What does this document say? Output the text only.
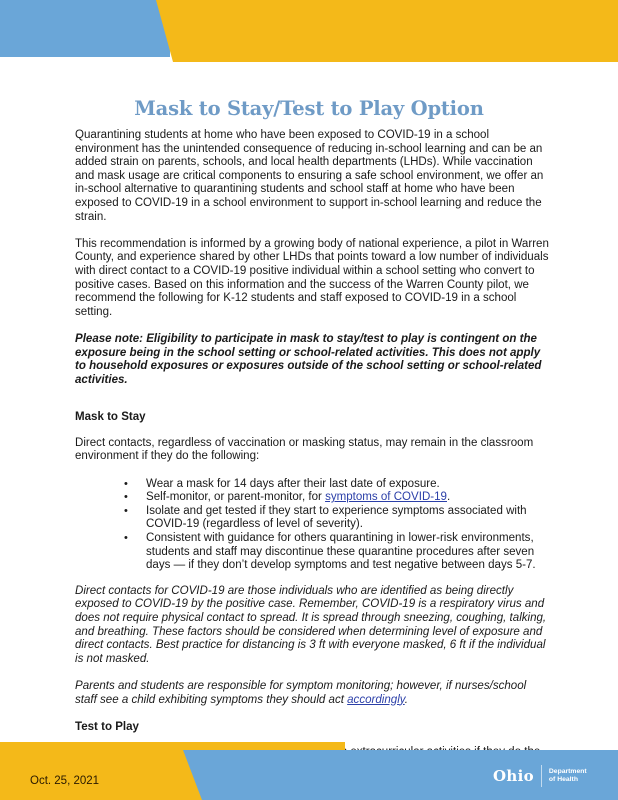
Mask to Stay/Test to Play Option

Quarantining students at home who have been exposed to COVID-19 in a school environment has the unintended consequence of reducing in-school learning and can be an added strain on parents, schools, and local health departments (LHDs). While vaccination and mask usage are critical components to ensuring a safe school environment, we offer an in-school alternative to quarantining students and school staff at home who have been exposed to COVID-19 in a school environment to support in-school learning and reduce the strain.

This recommendation is informed by a growing body of national experience, a pilot in Warren County, and experience shared by other LHDs that points toward a low number of individuals with direct contact to a COVID-19 positive individual within a school setting who convert to positive cases. Based on this information and the success of the Warren County pilot, we recommend the following for K-12 students and staff exposed to COVID-19 in a school setting.

Please note: Eligibility to participate in mask to stay/test to play is contingent on the exposure being in the school setting or school-related activities. This does not apply to household exposures or exposures outside of the school setting or school-related activities.

Mask to Stay

Direct contacts, regardless of vaccination or masking status, may remain in the classroom environment if they do the following:

• Wear a mask for 14 days after their last date of exposure.
• Self-monitor, or parent-monitor, for symptoms of COVID-19.
• Isolate and get tested if they start to experience symptoms associated with COVID-19 (regardless of level of severity).
• Consistent with guidance for others quarantining in lower-risk environments, students and staff may discontinue these quarantine procedures after seven days — if they don’t develop symptoms and test negative between days 5-7.

Direct contacts for COVID-19 are those individuals who are identified as being directly exposed to COVID-19 by the positive case. Remember, COVID-19 is a respiratory virus and does not require physical contact to spread. It is spread through sneezing, coughing, talking, and breathing. These factors should be considered when determining level of exposure and direct contacts. Best practice for distancing is 3 ft with everyone masked, 6 ft if the individual is not masked.

Parents and students are responsible for symptom monitoring; however, if nurses/school staff see a child exhibiting symptoms they should act accordingly.

Test to Play

Oct. 25, 2021	Ohio Department
of Health
